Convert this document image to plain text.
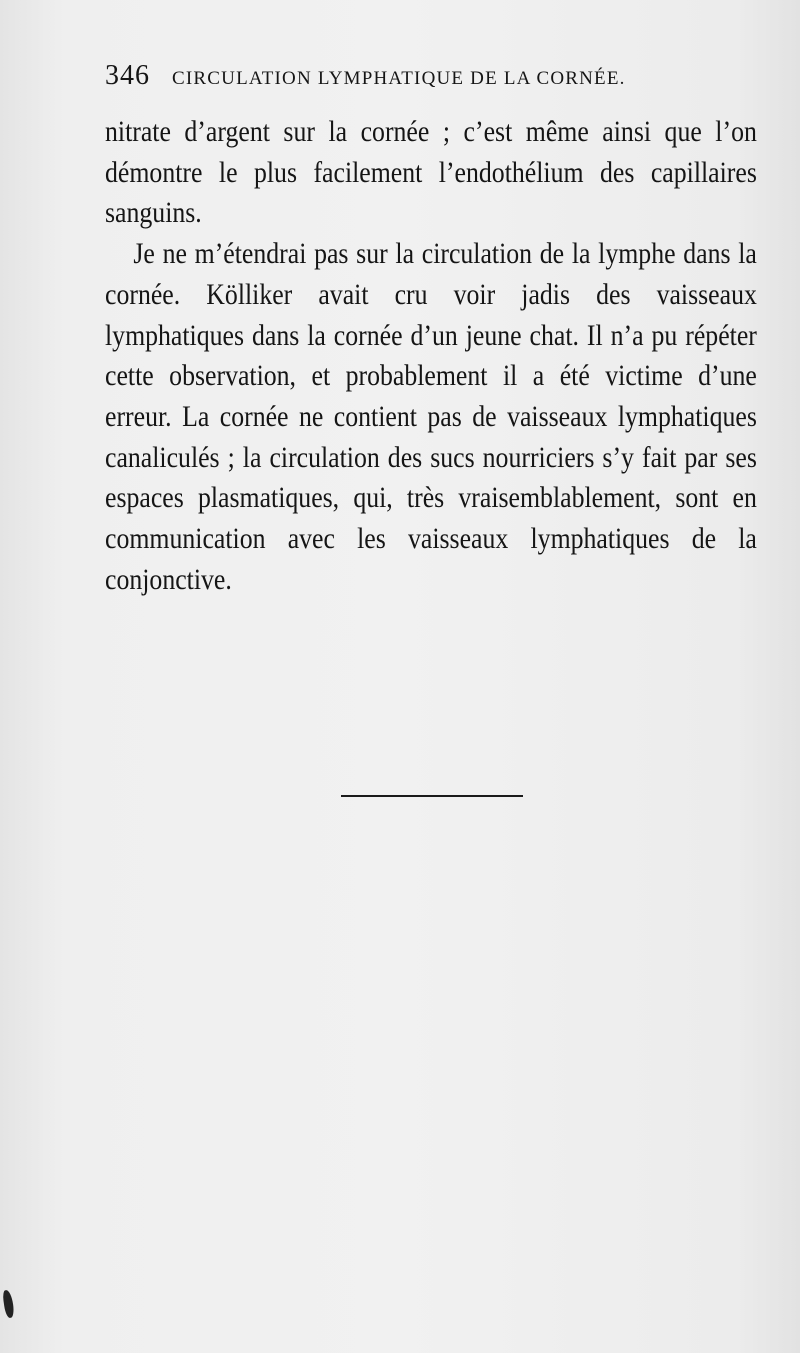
346 CIRCULATION LYMPHATIQUE DE LA CORNÉE.

nitrate d’argent sur la cornée ; c’est même ainsi que l’on démontre le plus facilement l’endothélium des capillaires sanguins.

Je ne m’étendrai pas sur la circulation de la lymphe dans la cornée. Kölliker avait cru voir jadis des vaisseaux lymphatiques dans la cornée d’un jeune chat. Il n’a pu répéter cette observation, et probablement il a été victime d’une erreur. La cornée ne contient pas de vaisseaux lymphatiques canaliculés ; la circulation des sucs nourriciers s’y fait par ses espaces plasmatiques, qui, très vraisemblablement, sont en communication avec les vaisseaux lymphatiques de la conjonctive.
